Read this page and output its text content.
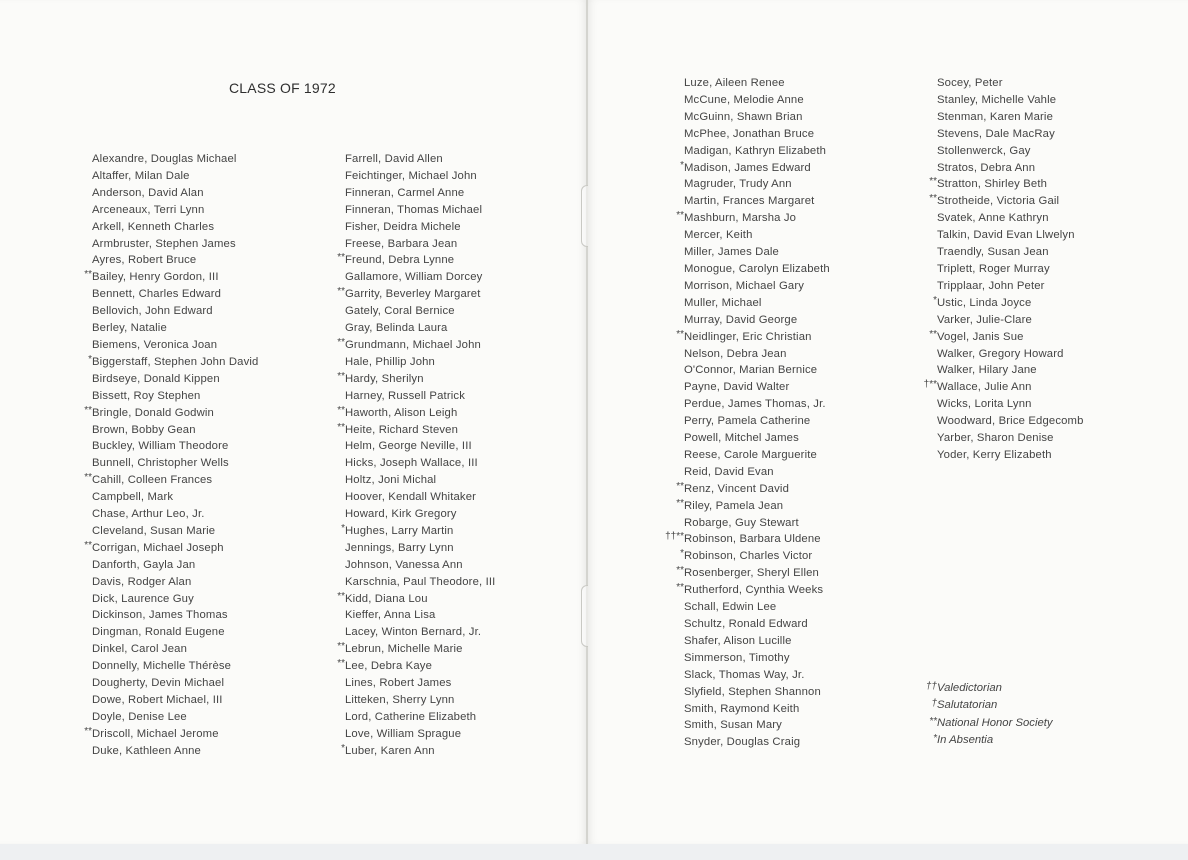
CLASS OF 1972
Alexandre, Douglas Michael
Altaffer, Milan Dale
Anderson, David Alan
Arceneaux, Terri Lynn
Arkell, Kenneth Charles
Armbruster, Stephen James
Ayres, Robert Bruce
** Bailey, Henry Gordon, III
Bennett, Charles Edward
Bellovich, John Edward
Berley, Natalie
Biemens, Veronica Joan
* Biggerstaff, Stephen John David
Birdseye, Donald Kippen
Bissett, Roy Stephen
** Bringle, Donald Godwin
Brown, Bobby Gean
Buckley, William Theodore
Bunnell, Christopher Wells
** Cahill, Colleen Frances
Campbell, Mark
Chase, Arthur Leo, Jr.
Cleveland, Susan Marie
** Corrigan, Michael Joseph
Danforth, Gayla Jan
Davis, Rodger Alan
Dick, Laurence Guy
Dickinson, James Thomas
Dingman, Ronald Eugene
Dinkel, Carol Jean
Donnelly, Michelle Thérèse
Dougherty, Devin Michael
Dowe, Robert Michael, III
Doyle, Denise Lee
** Driscoll, Michael Jerome
Duke, Kathleen Anne
Farrell, David Allen
Feichtinger, Michael John
Finneran, Carmel Anne
Finneran, Thomas Michael
Fisher, Deidra Michele
Freese, Barbara Jean
** Freund, Debra Lynne
Gallamore, William Dorcey
** Garrity, Beverley Margaret
Gately, Coral Bernice
Gray, Belinda Laura
** Grundmann, Michael John
Hale, Phillip John
** Hardy, Sherilyn
Harney, Russell Patrick
** Haworth, Alison Leigh
** Heite, Richard Steven
Helm, George Neville, III
Hicks, Joseph Wallace, III
Holtz, Joni Michal
Hoover, Kendall Whitaker
Howard, Kirk Gregory
* Hughes, Larry Martin
Jennings, Barry Lynn
Johnson, Vanessa Ann
Karschnia, Paul Theodore, III
** Kidd, Diana Lou
Kieffer, Anna Lisa
Lacey, Winton Bernard, Jr.
** Lebrun, Michelle Marie
** Lee, Debra Kaye
Lines, Robert James
Litteken, Sherry Lynn
Lord, Catherine Elizabeth
Love, William Sprague
* Luber, Karen Ann
Luze, Aileen Renee
McCune, Melodie Anne
McGuinn, Shawn Brian
McPhee, Jonathan Bruce
Madigan, Kathryn Elizabeth
* Madison, James Edward
Magruder, Trudy Ann
Martin, Frances Margaret
** Mashburn, Marsha Jo
Mercer, Keith
Miller, James Dale
Monogue, Carolyn Elizabeth
Morrison, Michael Gary
Muller, Michael
Murray, David George
** Neidlinger, Eric Christian
Nelson, Debra Jean
O'Connor, Marian Bernice
Payne, David Walter
Perdue, James Thomas, Jr.
Perry, Pamela Catherine
Powell, Mitchel James
Reese, Carole Marguerite
Reid, David Evan
** Renz, Vincent David
** Riley, Pamela Jean
Robarge, Guy Stewart
††** Robinson, Barbara Uldene
* Robinson, Charles Victor
** Rosenberger, Sheryl Ellen
** Rutherford, Cynthia Weeks
Schall, Edwin Lee
Schultz, Ronald Edward
Shafer, Alison Lucille
Simmerson, Timothy
Slack, Thomas Way, Jr.
Slyfield, Stephen Shannon
Smith, Raymond Keith
Smith, Susan Mary
Snyder, Douglas Craig
Socey, Peter
Stanley, Michelle Vahle
Stenman, Karen Marie
Stevens, Dale MacRay
Stollenwerck, Gay
Stratos, Debra Ann
** Stratton, Shirley Beth
** Strotheide, Victoria Gail
Svatek, Anne Kathryn
Talkin, David Evan Llwelyn
Traendly, Susan Jean
Triplett, Roger Murray
Tripplaar, John Peter
* Ustic, Linda Joyce
Varker, Julie-Clare
** Vogel, Janis Sue
Walker, Gregory Howard
Walker, Hilary Jane
†** Wallace, Julie Ann
Wicks, Lorita Lynn
Woodward, Brice Edgecomb
Yarber, Sharon Denise
Yoder, Kerry Elizabeth
†† Valedictorian
† Salutatorian
** National Honor Society
* In Absentia
